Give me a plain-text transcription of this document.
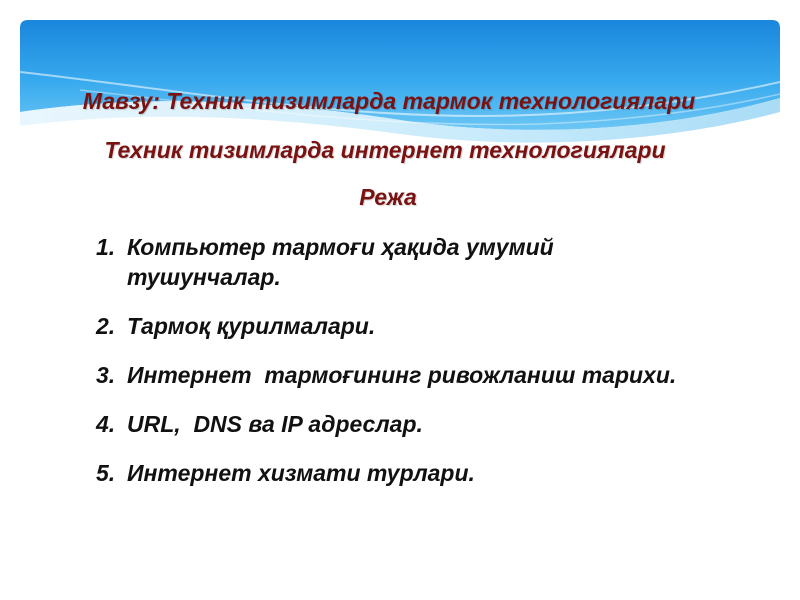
Мавзу: Техник тизимларда тармок технологиялари
Техник тизимларда интернет технологиялари
Режа
1. Компьютер тармоғи ҳақида умумий тушунчалар.
2. Тармоқ қурилмалари.
3. Интернет  тармоғининг ривожланиш тарихи.
4. URL,  DNS ва IP адреслар.
5. Интернет хизмати турлари.
